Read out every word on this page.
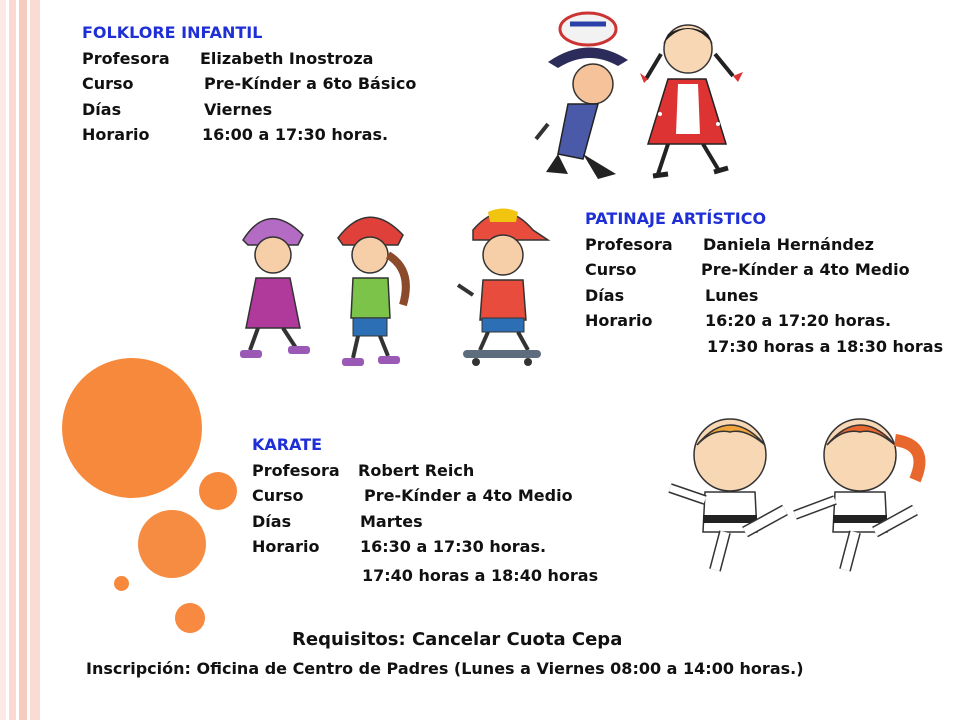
FOLKLORE INFANTIL
Profesora Elizabeth Inostroza
Curso	Pre-Kínder a 6to Básico
Días	Viernes
Horario	16:00 a 17:30 horas.
PATINAJE ARTÍSTICO
Profesora Daniela Hernández
Curso	Pre-Kínder a 4to Medio
Días	Lunes
Horario	16:20 a 17:20 horas.
17:30 horas a 18:30 horas
KARATE
Profesora Robert Reich
Curso	Pre-Kínder a 4to Medio
Días	Martes
Horario	16:30 a 17:30 horas.
17:40 horas a 18:40 horas
Requisitos: Cancelar Cuota Cepa
Inscripción: Oficina de Centro de Padres (Lunes a Viernes 08:00 a 14:00 horas.)
